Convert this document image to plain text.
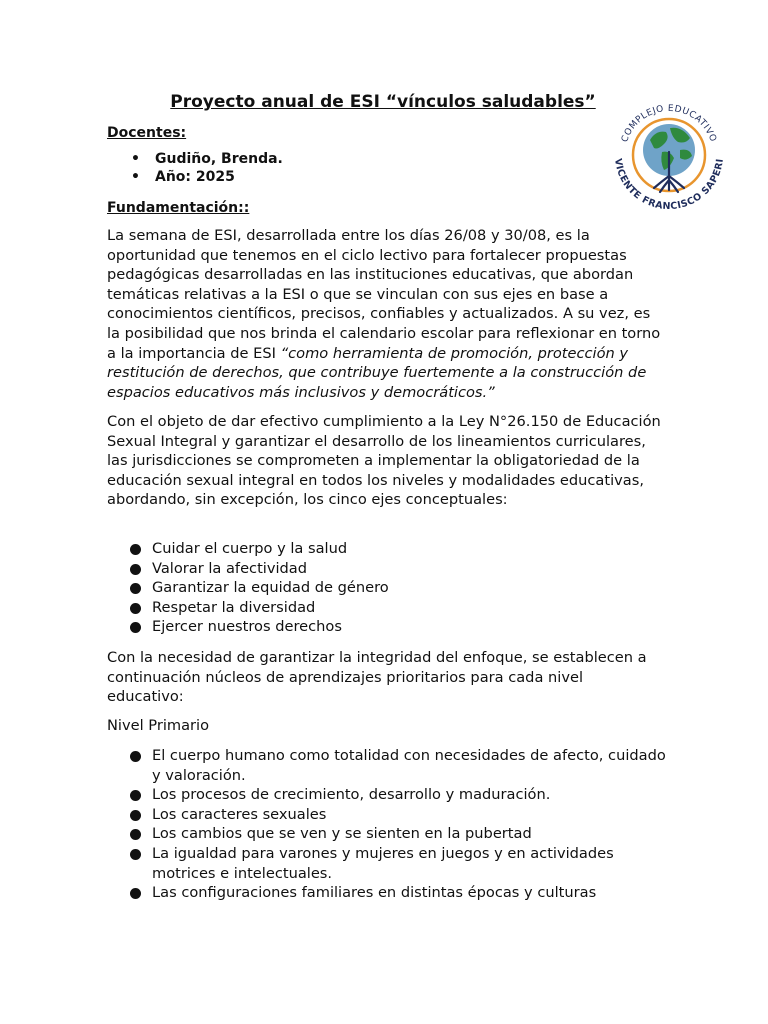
Proyecto anual de ESI “vínculos saludables”
Docentes:
• Gudiño, Brenda.
• Año: 2025
Fundamentación::

La semana de ESI, desarrollada entre los días 26/08 y 30/08, es la oportunidad que tenemos en el ciclo lectivo para fortalecer propuestas pedagógicas desarrolladas en las instituciones educativas, que abordan temáticas relativas a la ESI o que se vinculan con sus ejes en base a conocimientos científicos, precisos, confiables y actualizados. A su vez, es la posibilidad que nos brinda el calendario escolar para reflexionar en torno a la importancia de ESI “como herramienta de promoción, protección y restitución de derechos, que contribuye fuertemente a la construcción de espacios educativos más inclusivos y democráticos.”

Con el objeto de dar efectivo cumplimiento a la Ley N°26.150 de Educación Sexual Integral y garantizar el desarrollo de los lineamientos curriculares, las jurisdicciones se comprometen a implementar la obligatoriedad de la educación sexual integral en todos los niveles y modalidades educativas, abordando, sin excepción, los cinco ejes conceptuales:

Cuidar el cuerpo y la salud
Valorar la afectividad
Garantizar la equidad de género
Respetar la diversidad
Ejercer nuestros derechos

Con la necesidad de garantizar la integridad del enfoque, se establecen a continuación núcleos de aprendizajes prioritarios para cada nivel educativo:

Nivel Primario

El cuerpo humano como totalidad con necesidades de afecto, cuidado y valoración.
Los procesos de crecimiento, desarrollo y maduración.
Los caracteres sexuales
Los cambios que se ven y se sienten en la pubertad
La igualdad para varones y mujeres en juegos y en actividades motrices e intelectuales.
Las configuraciones familiares en distintas épocas y culturas
COMPLEJO EDUCATIVO
VICENTE FRANCISCO SAPERI
